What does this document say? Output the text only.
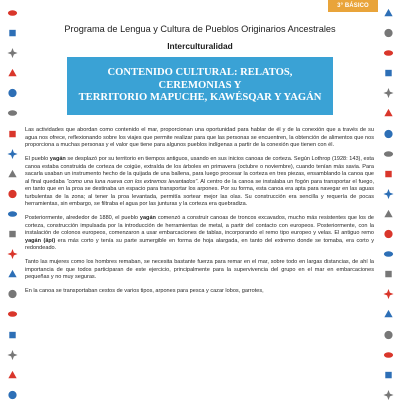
3° BÁSICO Unidad 4
Programa de Lengua y Cultura de Pueblos Originarios Ancestrales
Interculturalidad
CONTENIDO CULTURAL: RELATOS, CEREMONIAS Y
TERRITORIO MAPUCHE, KAWÉSQAR Y YAGÁN

Las actividades que abordan como contenido el mar, proporcionan una oportunidad para hablar de él y de la conexión que a través de su agua nos ofrece, reflexionando sobre los viajes que permite realizar para que las personas se encuentren, la obtención de alimentos que nos proporciona a muchas personas y el valor que tiene para algunos pueblos indígenas a partir de la conexión que tienen con él.

El pueblo yagán se desplazó por su territorio en tiempos antiguos, usando en sus inicios canoas de corteza. Según Lothrop (1928: 143), esta canoa estaba construida de corteza de coigüe, extraída de los árboles en primavera (octubre o noviembre), cuando tenían más savia. Para sacarla usaban un instrumento hecho de la quijada de una ballena, para luego procesar la corteza en tres piezas, ensamblando la canoa que al final quedaba “como una luna nueva con los extremos levantados”. Al centro de la canoa se instalaba un fogón para transportar el fuego, en tanto que en la proa se destinaba un espacio para transportar los arpones. Por su forma, esta canoa era apta para navegar en las aguas turbulentas de la zona; al tener la proa levantada, permitía sortear mejor las olas. Su construcción era sencilla y requería de pocas herramientas, sin embargo, se filtraba el agua por las junturas y la corteza era quebradiza.

Posteriormente, alrededor de 1880, el pueblo yagán comenzó a construir canoas de troncos excavados, mucho más resistentes que los de corteza, construcción impulsada por la introducción de herramientas de metal, a partir del contacto con europeos. Posteriormente, con la instalación de colonos europeos, comenzaron a usar embarcaciones de tablas, incorporando el remo tipo europeo y velas. El antiguo remo yagán (äpi) era más corto y tenía su parte sumergible en forma de hoja alargada, en tanto del extremo donde se tomaba, era corto y redondeado.

Tanto las mujeres como los hombres remaban, se necesita bastante fuerza para remar en el mar, sobre todo en largas distancias, de ahí la importancia de que todos participaran de este ejercicio, principalmente para la supervivencia del grupo en el mar en embarcaciones pequeñas y no muy seguras.

En la canoa se transportaban cestos de varios tipos, arpones para pesca y cazar lobos, garrotes,
